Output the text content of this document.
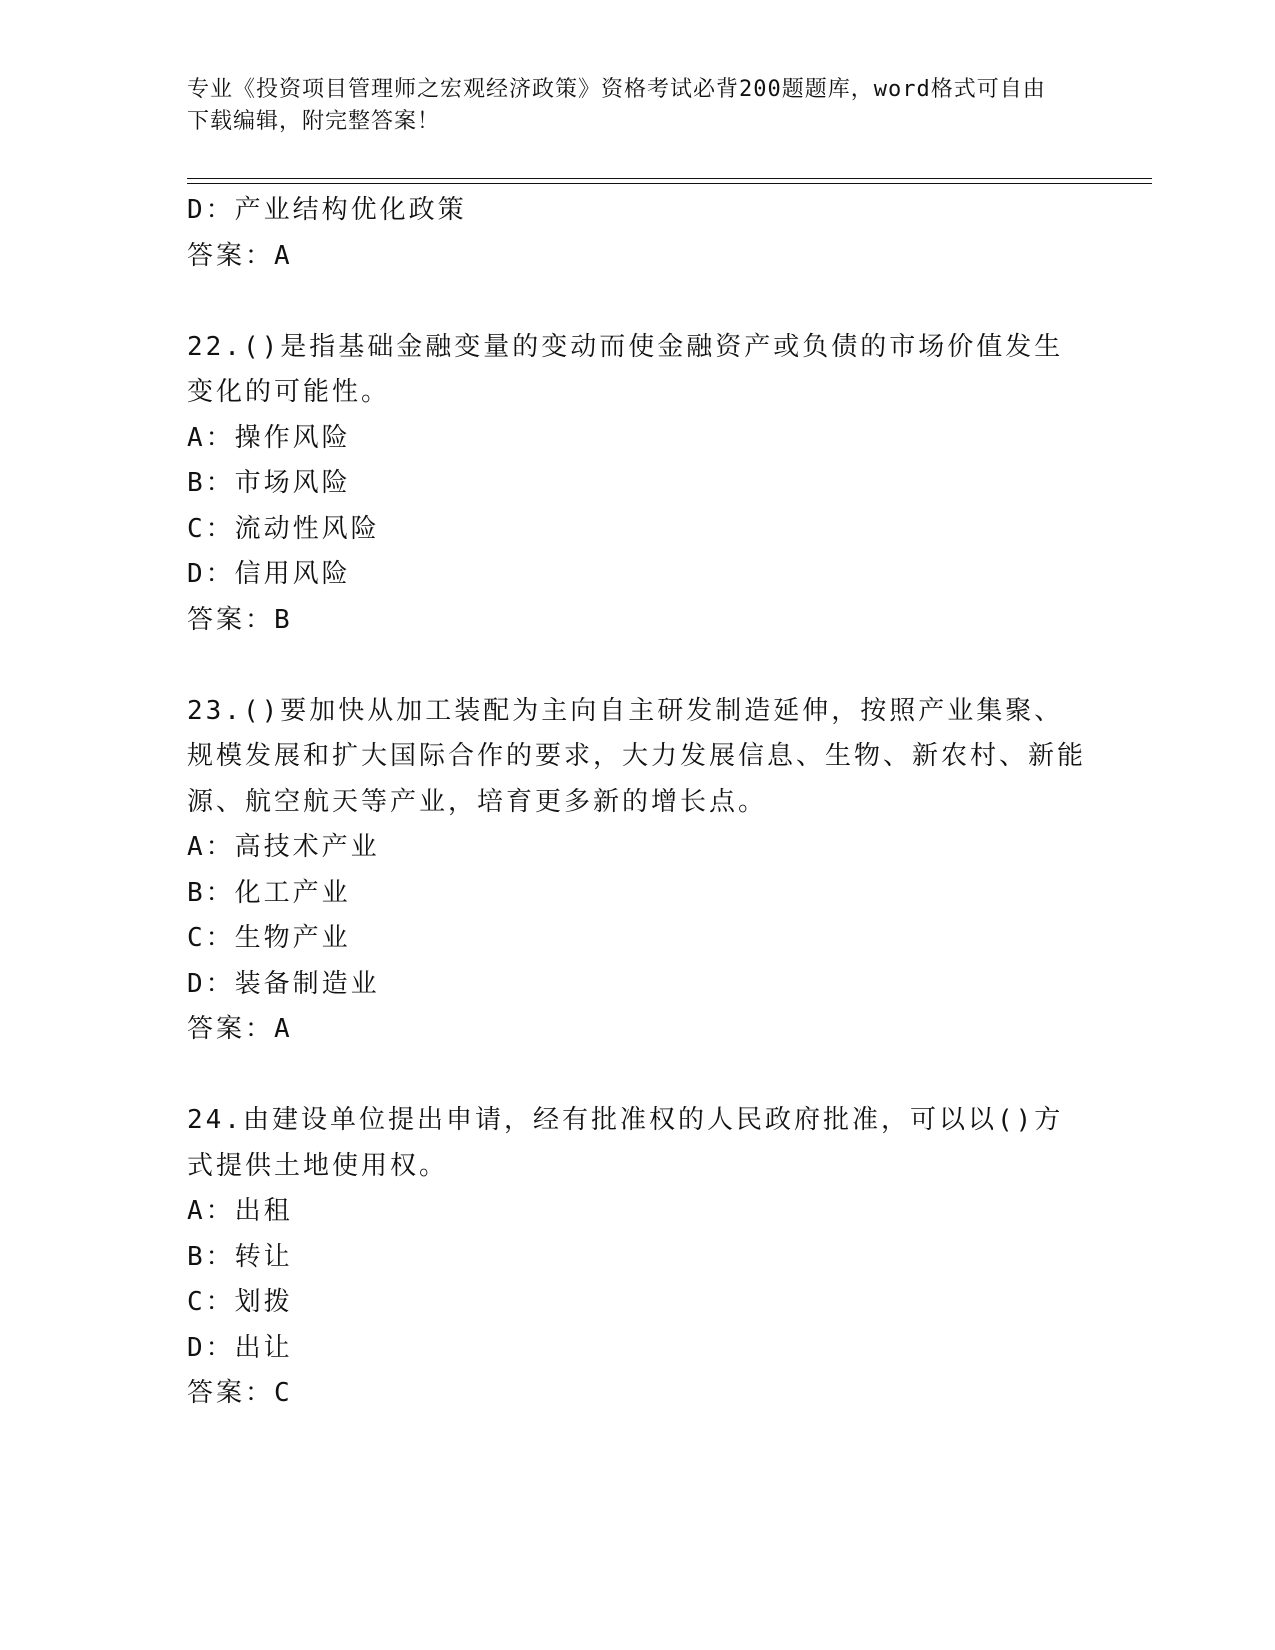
专业《投资项目管理师之宏观经济政策》资格考试必背200题题库，word格式可自由下载编辑，附完整答案！
D：产业结构优化政策
答案：A
22.()是指基础金融变量的变动而使金融资产或负债的市场价值发生变化的可能性。
A：操作风险
B：市场风险
C：流动性风险
D：信用风险
答案：B
23.()要加快从加工装配为主向自主研发制造延伸，按照产业集聚、规模发展和扩大国际合作的要求，大力发展信息、生物、新农村、新能源、航空航天等产业，培育更多新的增长点。
A：高技术产业
B：化工产业
C：生物产业
D：装备制造业
答案：A
24.由建设单位提出申请，经有批准权的人民政府批准，可以以()方式提供土地使用权。
A：出租
B：转让
C：划拨
D：出让
答案：C
